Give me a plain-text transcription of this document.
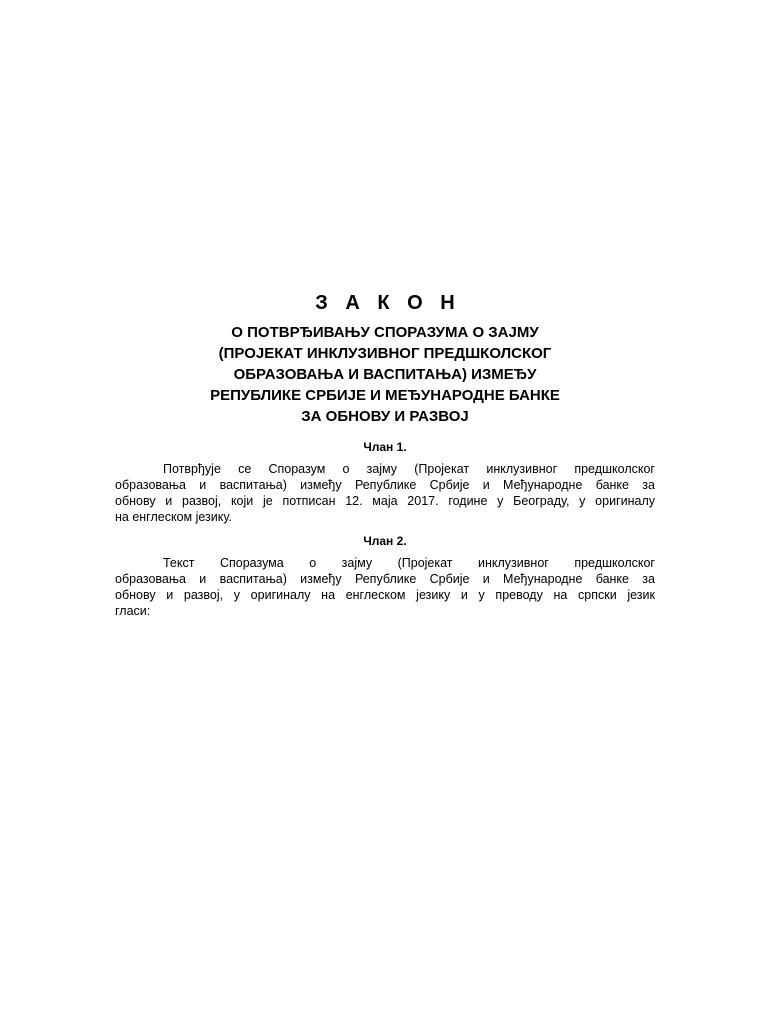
З А К О Н
О ПОТВРЂИВАЊУ СПОРАЗУМА О ЗАЈМУ
(ПРОЈЕКАТ ИНКЛУЗИВНОГ ПРЕДШКОЛСКОГ
ОБРАЗОВАЊА И ВАСПИТАЊА) ИЗМЕЂУ
РЕПУБЛИКЕ СРБИЈЕ И МЕЂУНАРОДНЕ БАНКЕ
ЗА ОБНОВУ И РАЗВОЈ
Члан 1.
Потврђује се Споразум о зајму (Пројекат инклузивног предшколског
образовања и васпитања) између Републике Србије и Међународне банке за
обнову и развој, који је потписан 12. маја 2017. године у Београду, у оригиналу
на енглеском језику.
Члан 2.
Текст Споразума о зајму (Пројекат инклузивног предшколског
образовања и васпитања) између Републике Србије и Међународне банке за
обнову и развој, у оригиналу на енглеском језику и у преводу на српски језик
гласи:
